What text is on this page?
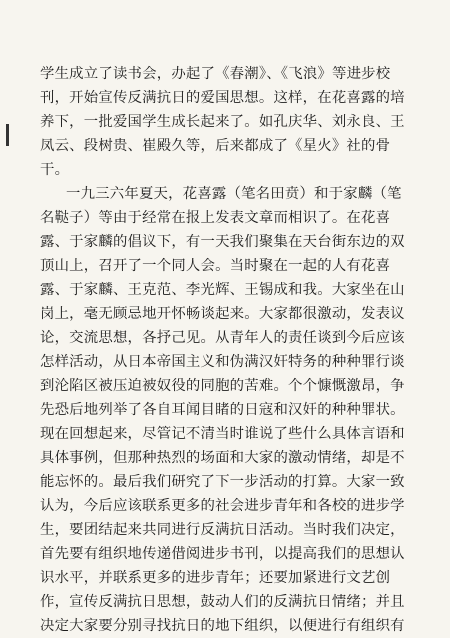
学生成立了读书会，办起了《春潮》、《飞浪》等进步校
刊，开始宣传反满抗日的爱国思想。这样，在花喜露的培
养下，一批爱国学生成长起来了。如孔庆华、刘永良、王
凤云、段树贵、崔殿久等，后来都成了《星火》社的骨
干。
一九三六年夏天，花喜露（笔名田贲）和于家麟（笔
名鞑子）等由于经常在报上发表文章而相识了。在花喜
露、于家麟的倡议下，有一天我们聚集在天台街东边的双
顶山上，召开了一个同人会。当时聚在一起的人有花喜
露、于家麟、王克范、李光辉、王锡成和我。大家坐在山
岗上，毫无顾忌地开怀畅谈起来。大家都很激动，发表议
论，交流思想，各抒己见。从青年人的责任谈到今后应该
怎样活动，从日本帝国主义和伪满汉奸特务的种种罪行谈
到沦陷区被压迫被奴役的同胞的苦难。个个慷慨激昂，争
先恐后地列举了各自耳闻目睹的日寇和汉奸的种种罪状。
现在回想起来，尽管记不清当时谁说了些什么具体言语和
具体事例，但那种热烈的场面和大家的激动情绪，却是不
能忘怀的。最后我们研究了下一步活动的打算。大家一致
认为，今后应该联系更多的社会进步青年和各校的进步学
生，要团结起来共同进行反满抗日活动。当时我们决定，
首先要有组织地传递借阅进步书刊，以提高我们的思想认
识水平，并联系更多的进步青年；还要加紧进行文艺创
作，宣传反满抗日思想，鼓动人们的反满抗日情绪；并且
决定大家要分别寻找抗日的地下组织，以便进行有组织有
